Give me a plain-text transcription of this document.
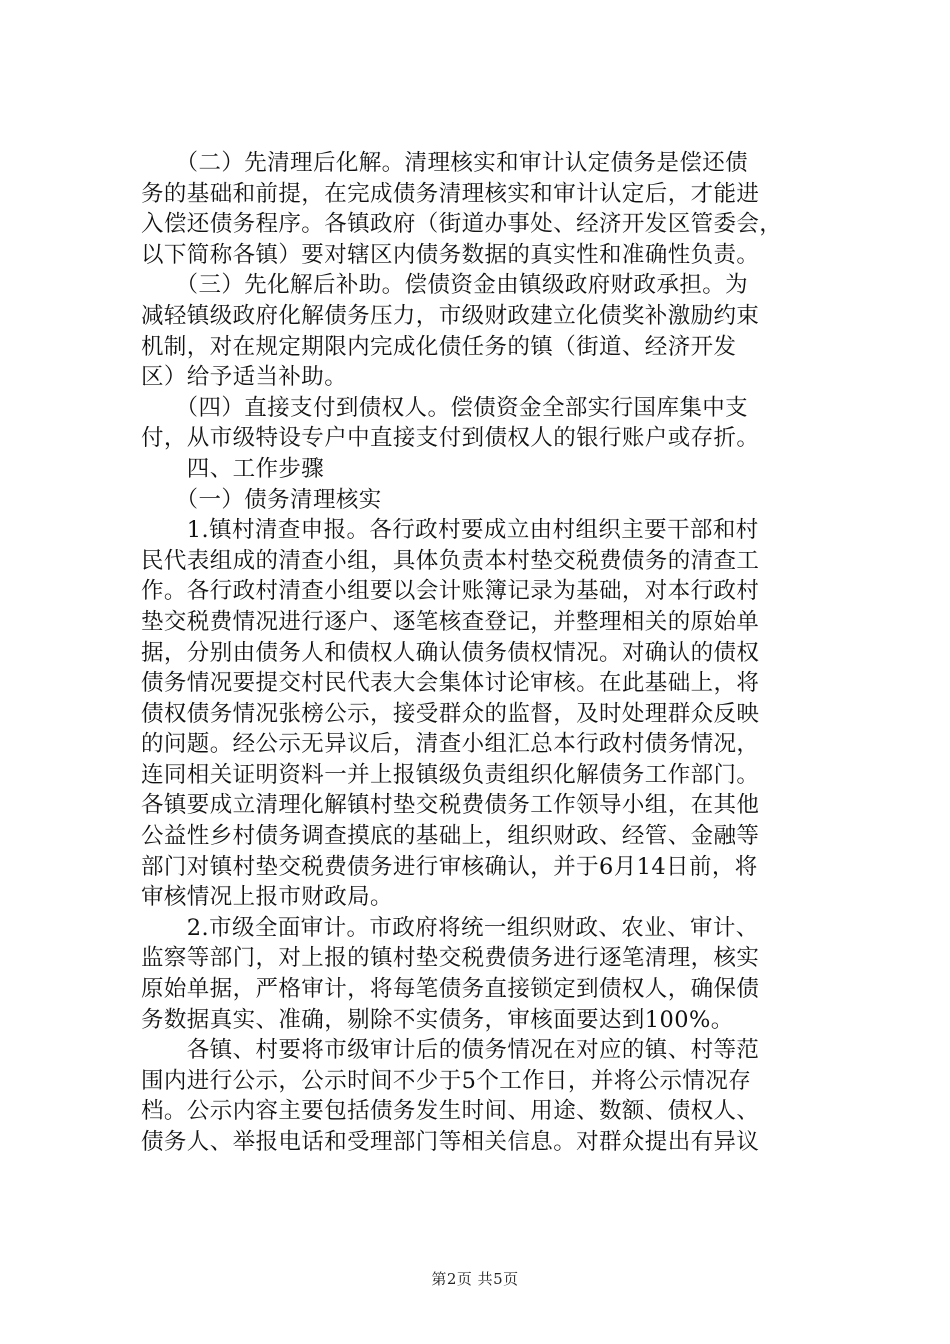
　　（二）先清理后化解。清理核实和审计认定债务是偿还债
务的基础和前提，在完成债务清理核实和审计认定后，才能进
入偿还债务程序。各镇政府（街道办事处、经济开发区管委会，
以下简称各镇）要对辖区内债务数据的真实性和准确性负责。
　　（三）先化解后补助。偿债资金由镇级政府财政承担。为
减轻镇级政府化解债务压力，市级财政建立化债奖补激励约束
机制，对在规定期限内完成化债任务的镇（街道、经济开发
区）给予适当补助。
　　（四）直接支付到债权人。偿债资金全部实行国库集中支
付，从市级特设专户中直接支付到债权人的银行账户或存折。
　　四、工作步骤
　　（一）债务清理核实
　　1.镇村清查申报。各行政村要成立由村组织主要干部和村
民代表组成的清查小组，具体负责本村垫交税费债务的清查工
作。各行政村清查小组要以会计账簿记录为基础，对本行政村
垫交税费情况进行逐户、逐笔核查登记，并整理相关的原始单
据，分别由债务人和债权人确认债务债权情况。对确认的债权
债务情况要提交村民代表大会集体讨论审核。在此基础上，将
债权债务情况张榜公示，接受群众的监督，及时处理群众反映
的问题。经公示无异议后，清查小组汇总本行政村债务情况，
连同相关证明资料一并上报镇级负责组织化解债务工作部门。
各镇要成立清理化解镇村垫交税费债务工作领导小组，在其他
公益性乡村债务调查摸底的基础上，组织财政、经管、金融等
部门对镇村垫交税费债务进行审核确认，并于6月14日前，将
审核情况上报市财政局。
　　2.市级全面审计。市政府将统一组织财政、农业、审计、
监察等部门，对上报的镇村垫交税费债务进行逐笔清理，核实
原始单据，严格审计，将每笔债务直接锁定到债权人，确保债
务数据真实、准确，剔除不实债务，审核面要达到100%。
　　各镇、村要将市级审计后的债务情况在对应的镇、村等范
围内进行公示，公示时间不少于5个工作日，并将公示情况存
档。公示内容主要包括债务发生时间、用途、数额、债权人、
债务人、举报电话和受理部门等相关信息。对群众提出有异议
第2页 共5页
